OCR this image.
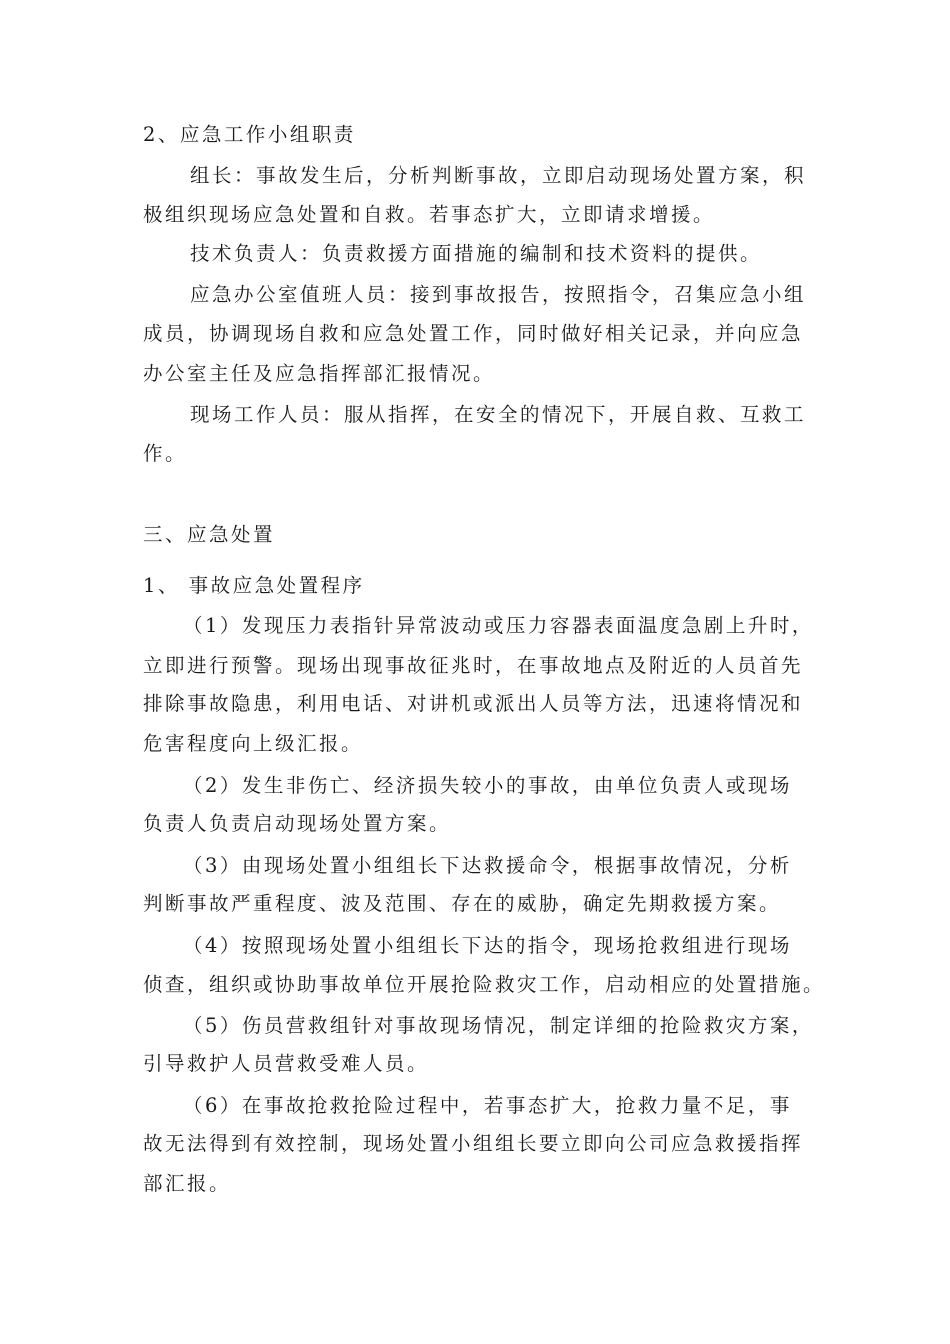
2、应急工作小组职责
组长：事故发生后，分析判断事故，立即启动现场处置方案，积
极组织现场应急处置和自救。若事态扩大，立即请求增援。
技术负责人：负责救援方面措施的编制和技术资料的提供。
应急办公室值班人员：接到事故报告，按照指令，召集应急小组
成员，协调现场自救和应急处置工作，同时做好相关记录，并向应急
办公室主任及应急指挥部汇报情况。
现场工作人员：服从指挥，在安全的情况下，开展自救、互救工
作。
三、应急处置
1、 事故应急处置程序
（1）发现压力表指针异常波动或压力容器表面温度急剧上升时，
立即进行预警。现场出现事故征兆时，在事故地点及附近的人员首先
排除事故隐患，利用电话、对讲机或派出人员等方法，迅速将情况和
危害程度向上级汇报。
（2）发生非伤亡、经济损失较小的事故，由单位负责人或现场
负责人负责启动现场处置方案。
（3）由现场处置小组组长下达救援命令，根据事故情况，分析
判断事故严重程度、波及范围、存在的威胁，确定先期救援方案。
（4）按照现场处置小组组长下达的指令，现场抢救组进行现场
侦查，组织或协助事故单位开展抢险救灾工作，启动相应的处置措施。
（5）伤员营救组针对事故现场情况，制定详细的抢险救灾方案，
引导救护人员营救受难人员。
（6）在事故抢救抢险过程中，若事态扩大，抢救力量不足，事
故无法得到有效控制，现场处置小组组长要立即向公司应急救援指挥
部汇报。
